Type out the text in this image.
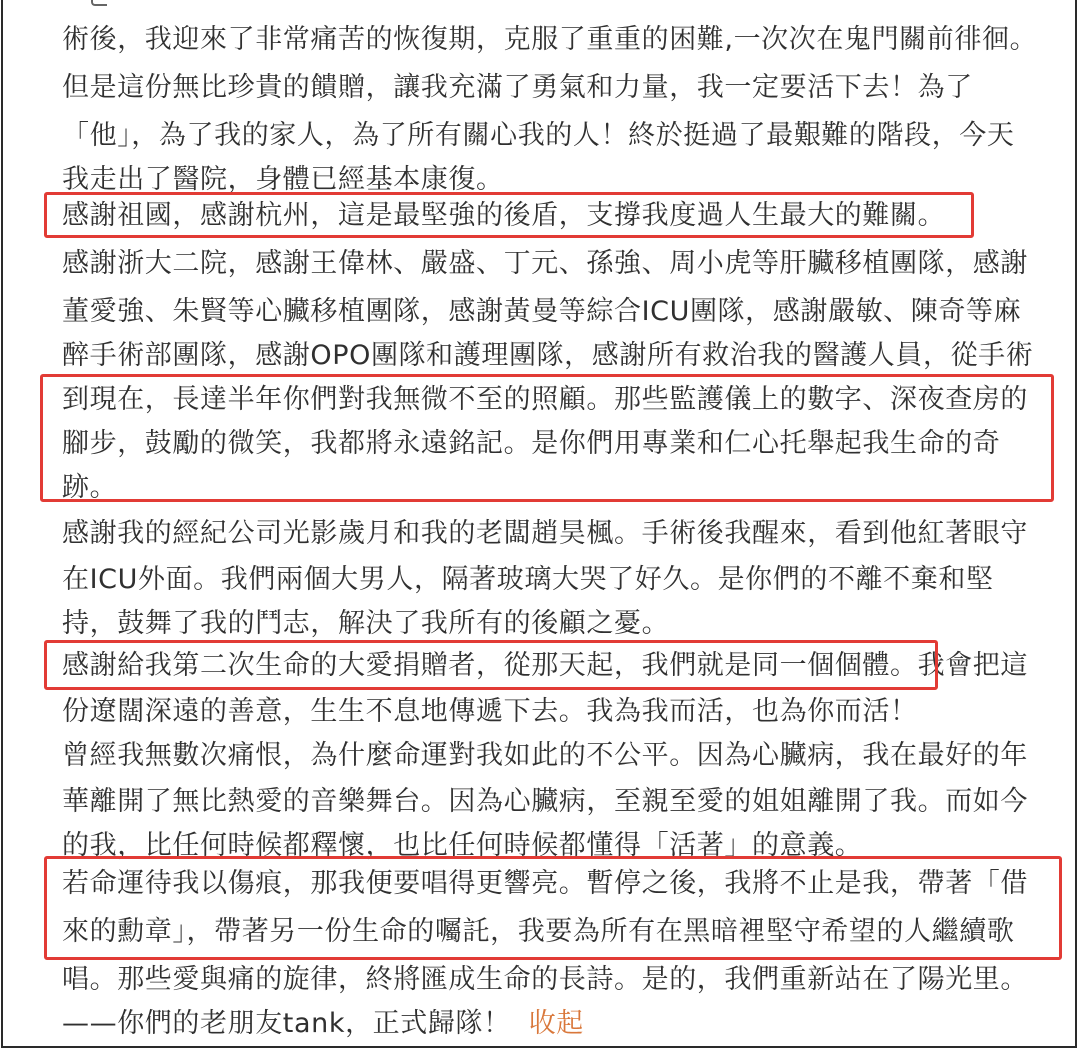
術後，我迎來了非常痛苦的恢復期，克服了重重的困難,一次次在鬼門關前徘徊。
但是這份無比珍貴的饋贈，讓我充滿了勇氣和力量，我一定要活下去！為了
「他」，為了我的家人，為了所有關心我的人！終於挺過了最艱難的階段，今天
我走出了醫院，身體已經基本康復。
感謝祖國，感謝杭州，這是最堅強的後盾，支撐我度過人生最大的難關。
感謝浙大二院，感謝王偉林、嚴盛、丁元、孫強、周小虎等肝臟移植團隊，感謝
董愛強、朱賢等心臟移植團隊，感謝黃曼等綜合ICU團隊，感謝嚴敏、陳奇等麻
醉手術部團隊，感謝OPO團隊和護理團隊，感謝所有救治我的醫護人員，從手術
到現在，長達半年你們對我無微不至的照顧。那些監護儀上的數字、深夜查房的
腳步，鼓勵的微笑，我都將永遠銘記。是你們用專業和仁心托舉起我生命的奇
跡。
感謝我的經紀公司光影歲月和我的老闆趙昊楓。手術後我醒來，看到他紅著眼守
在ICU外面。我們兩個大男人，隔著玻璃大哭了好久。是你們的不離不棄和堅
持，鼓舞了我的鬥志，解決了我所有的後顧之憂。
感謝給我第二次生命的大愛捐贈者，從那天起，我們就是同一個個體。我會把這
份遼闊深遠的善意，生生不息地傳遞下去。我為我而活，也為你而活！
曾經我無數次痛恨，為什麼命運對我如此的不公平。因為心臟病，我在最好的年
華離開了無比熱愛的音樂舞台。因為心臟病，至親至愛的姐姐離開了我。而如今
的我，比任何時候都釋懷，也比任何時候都懂得「活著」的意義。
若命運待我以傷痕，那我便要唱得更響亮。暫停之後，我將不止是我，帶著「借
來的勳章」，帶著另一份生命的囑託，我要為所有在黑暗裡堅守希望的人繼續歌
唱。那些愛與痛的旋律，終將匯成生命的長詩。是的，我們重新站在了陽光里。
——你們的老朋友tank，正式歸隊！ 收起
